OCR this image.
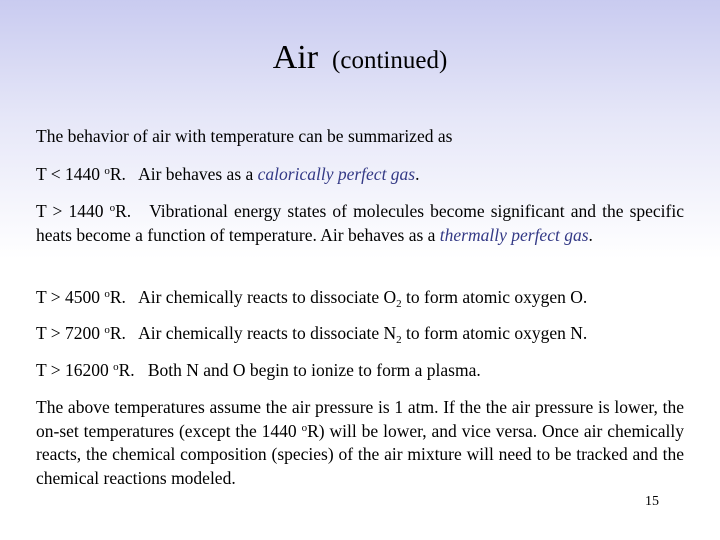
Air (continued)
The behavior of air with temperature can be summarized as
T < 1440 $^o$R. Air behaves as a calorically perfect gas.
T > 1440 $^o$R. Vibrational energy states of molecules become significant and the specific heats become a function of temperature. Air behaves as a thermally perfect gas.
T > 4500 $^o$R. Air chemically reacts to dissociate $O_2$ to form atomic oxygen O.
T > 7200 $^o$R. Air chemically reacts to dissociate $N_2$ to form atomic oxygen N.
T > 16200 $^o$R. Both N and O begin to ionize to form a plasma.
The above temperatures assume the air pressure is 1 atm. If the the air pressure is lower, the on-set temperatures (except the 1440 $^o$R) will be lower, and vice versa. Once air chemically reacts, the chemical composition (species) of the air mixture will need to be tracked and the chemical reactions modeled.
15
